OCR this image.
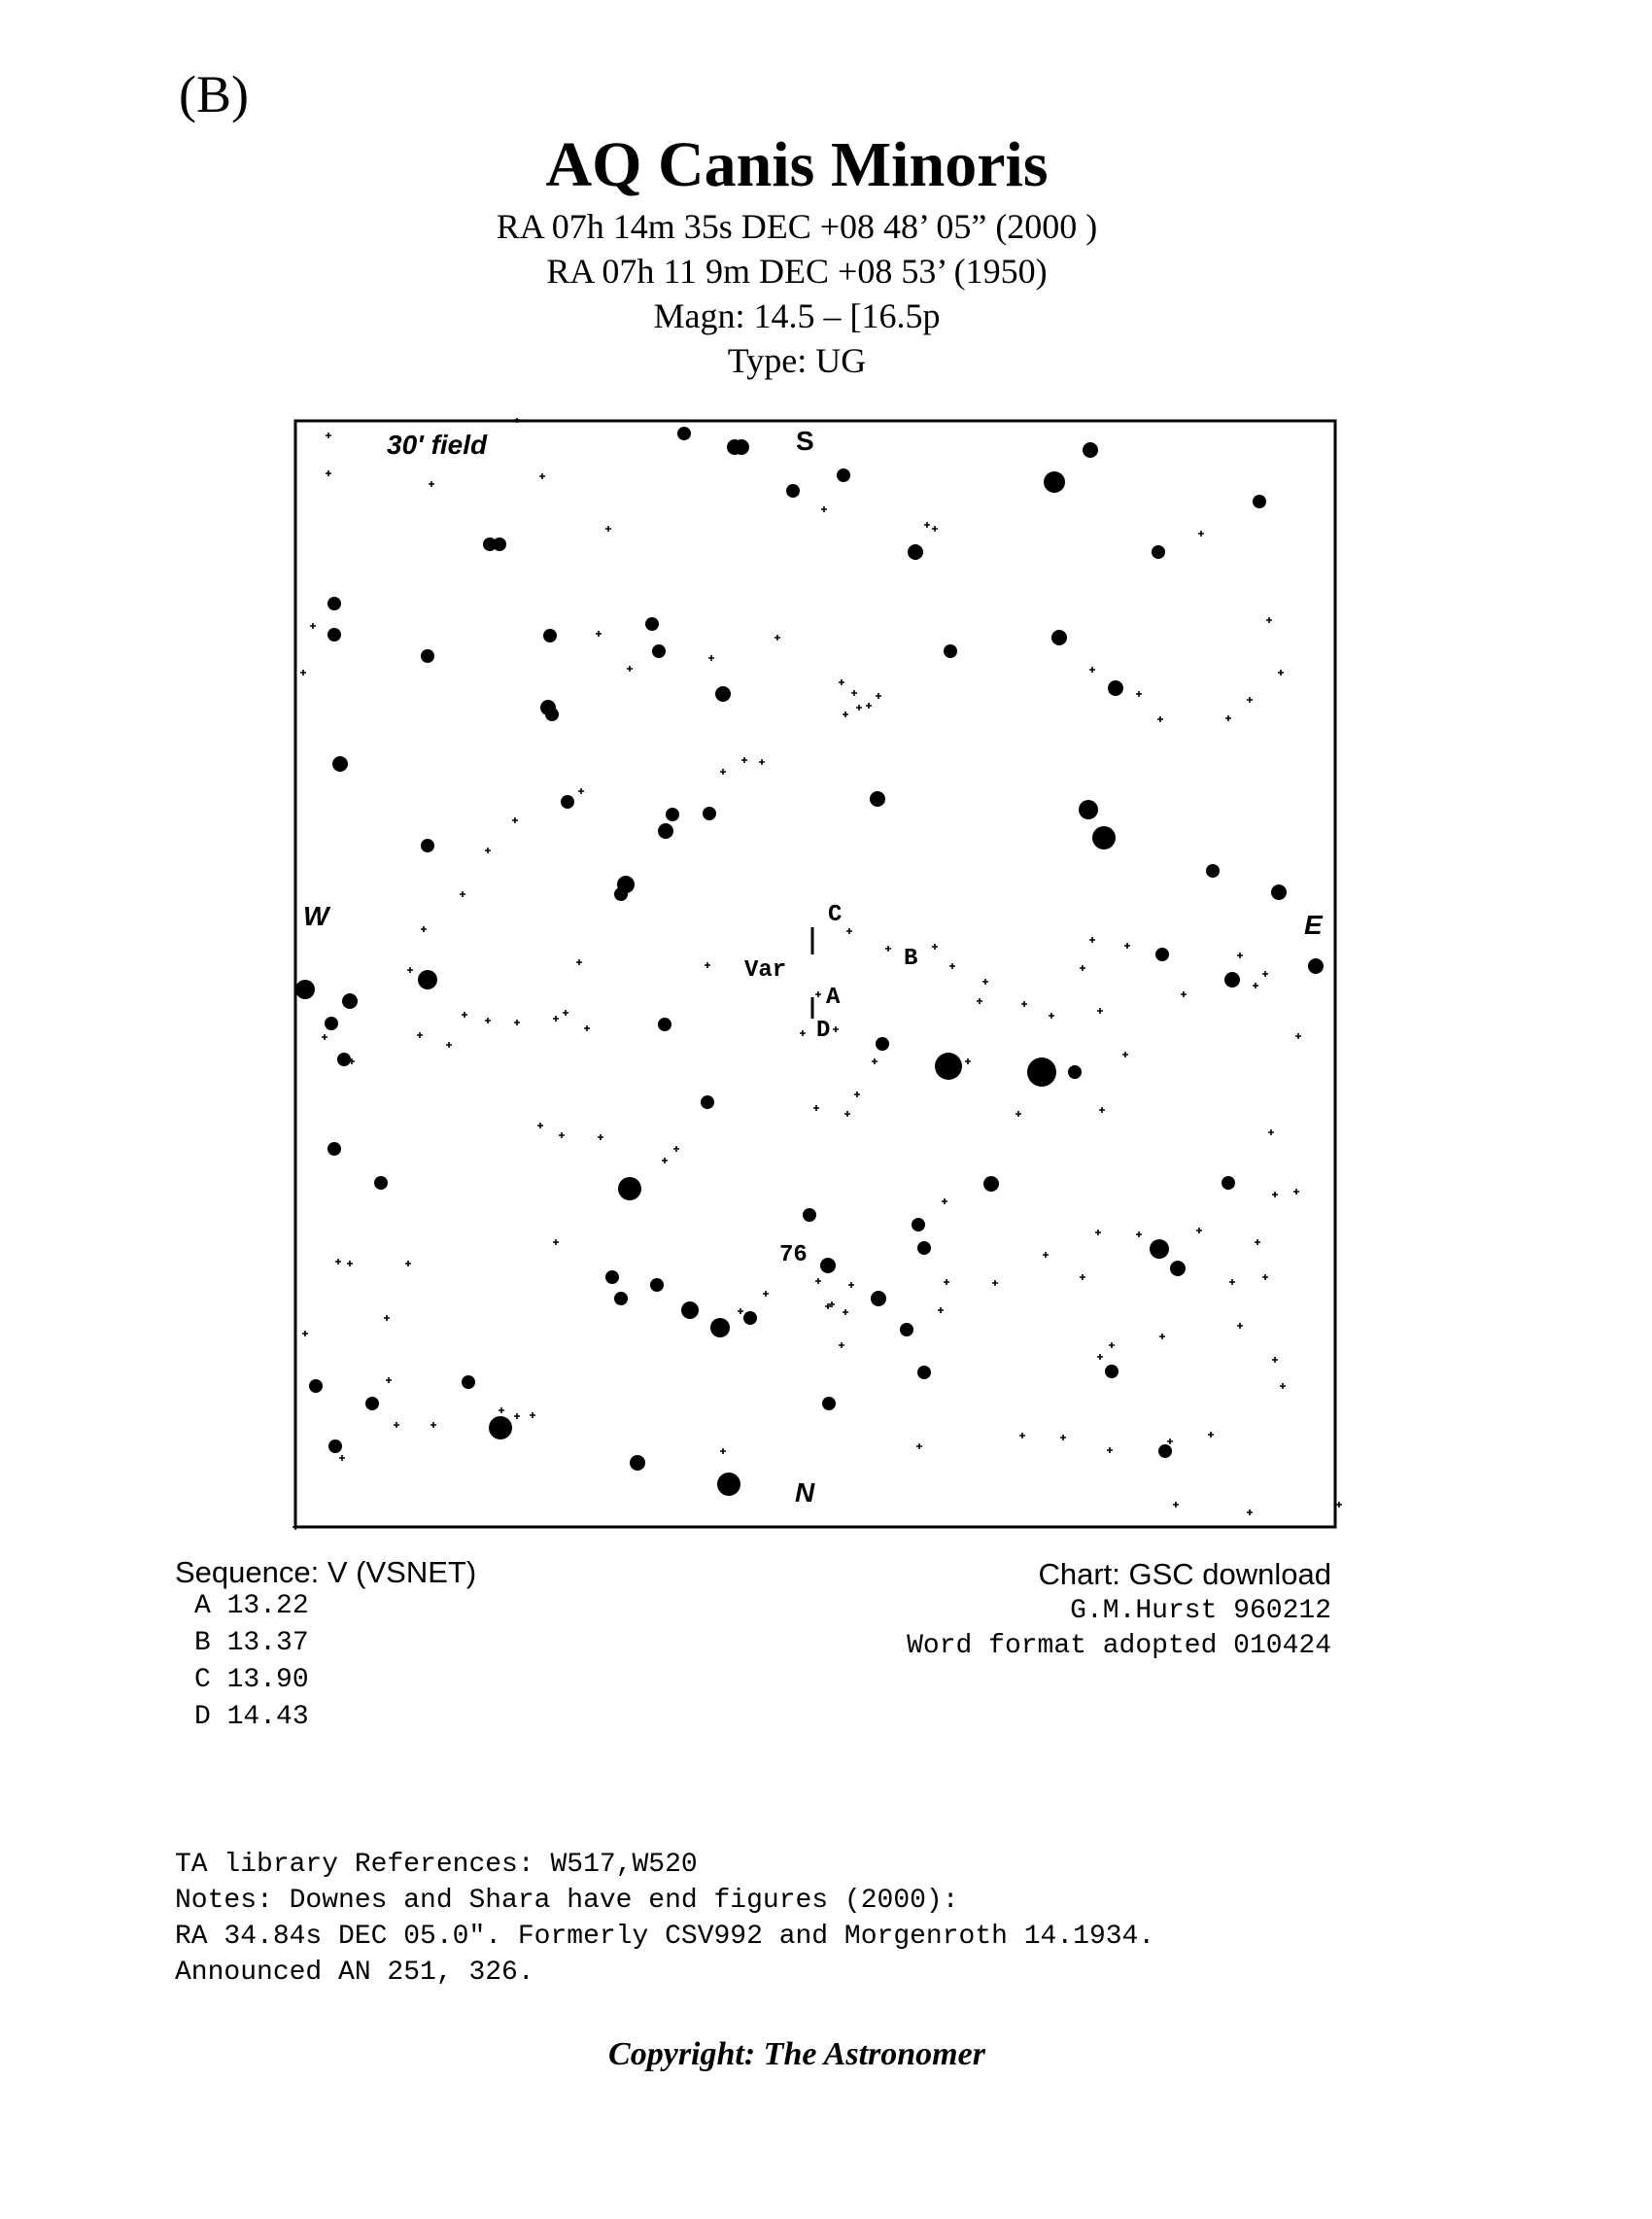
(B)
AQ Canis Minoris
RA 07h 14m 35s DEC +08 48’ 05” (2000 )
RA 07h 11 9m DEC +08 53’ (1950)
Magn: 14.5 – [16.5p
Type: UG
30' field	S
N
W	E
Var
A
B
C
D
76
Sequence: V (VSNET)
A 13.22
B 13.37
C 13.90
D 14.43
Chart: GSC download
G.M.Hurst 960212
Word format adopted 010424
TA library References: W517,W520
Notes: Downes and Shara have end figures (2000):
RA 34.84s DEC 05.0". Formerly CSV992 and Morgenroth 14.1934.
Announced AN 251, 326.
Copyright: The Astronomer
